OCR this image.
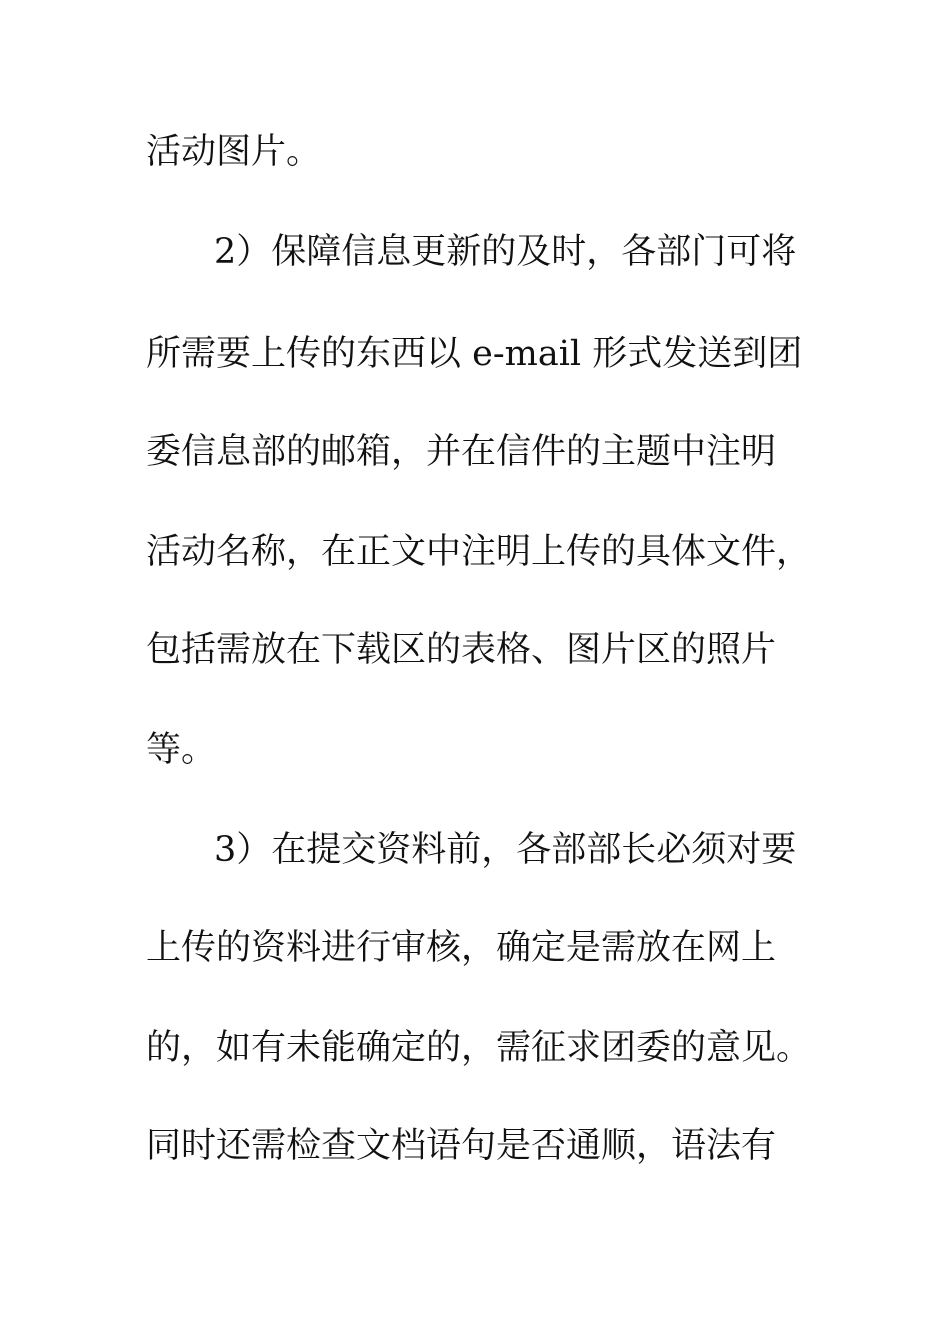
活动图片。
2）保障信息更新的及时，各部门可将
所需要上传的东西以 e-mail 形式发送到团
委信息部的邮箱，并在信件的主题中注明
活动名称，在正文中注明上传的具体文件，
包括需放在下载区的表格、图片区的照片
等。
3）在提交资料前，各部部长必须对要
上传的资料进行审核，确定是需放在网上
的，如有未能确定的，需征求团委的意见。
同时还需检查文档语句是否通顺，语法有
